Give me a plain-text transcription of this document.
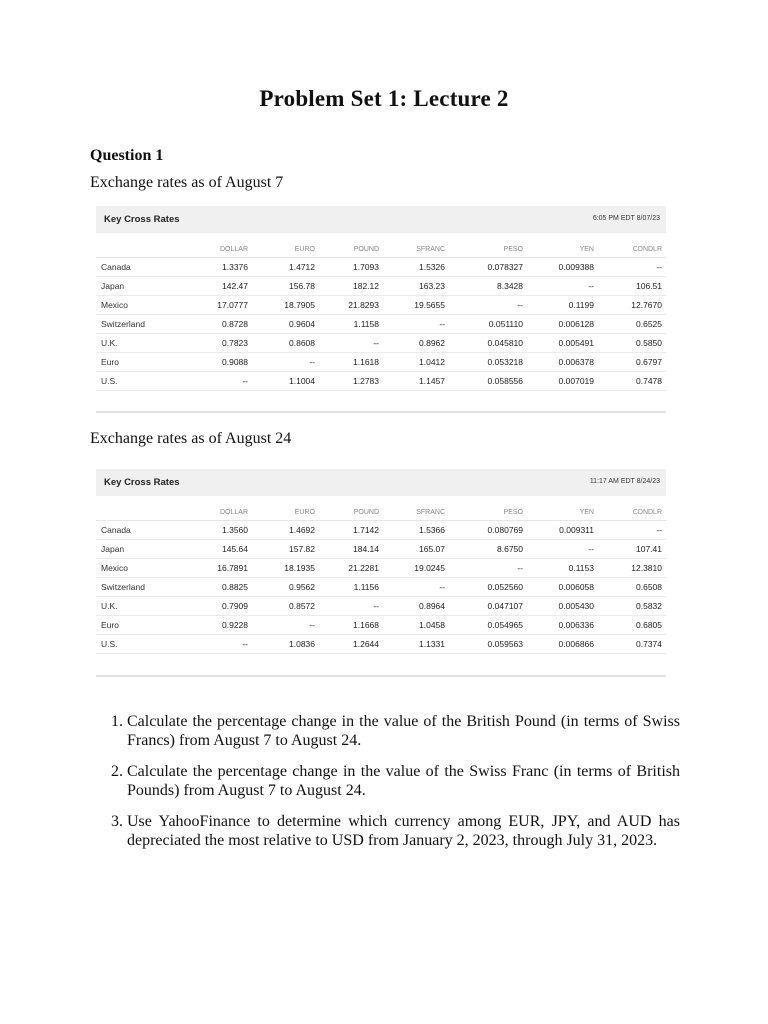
Problem Set 1: Lecture 2
Question 1

Exchange rates as of August 7

Key Cross Rates	6:05 PM EDT 8/07/23
	DOLLAR	EURO	POUND	SFRANC	PESO	YEN	CDNDLR
Canada	1.3376	1.4712	1.7093	1.5326	0.078327	0.009388	--
Japan	142.47	156.78	182.12	163.23	8.3428	--	106.51
Mexico	17.0777	18.7905	21.8293	19.5655	--	0.1199	12.7670
Switzerland	0.8728	0.9604	1.1158	--	0.051110	0.006128	0.6525
U.K.	0.7823	0.8608	--	0.8962	0.045810	0.005491	0.5850
Euro	0.9088	--	1.1618	1.0412	0.053218	0.006378	0.6797
U.S.	--	1.1004	1.2783	1.1457	0.058556	0.007019	0.7478

Exchange rates as of August 24

Key Cross Rates	11:17 AM EDT 8/24/23
	DOLLAR	EURO	POUND	SFRANC	PESO	YEN	CDNDLR
Canada	1.3560	1.4692	1.7142	1.5366	0.080769	0.009311	--
Japan	145.64	157.82	184.14	165.07	8.6750	--	107.41
Mexico	16.7891	18.1935	21.2281	19.0245	--	0.1153	12.3810
Switzerland	0.8825	0.9562	1.1156	--	0.052560	0.006058	0.6508
U.K.	0.7909	0.8572	--	0.8964	0.047107	0.005430	0.5832
Euro	0.9228	--	1.1668	1.0458	0.054965	0.006336	0.6805
U.S.	--	1.0836	1.2644	1.1331	0.059563	0.006866	0.7374
1. Calculate the percentage change in the value of the British Pound (in terms of Swiss Francs) from August 7 to August 24.
2. Calculate the percentage change in the value of the Swiss Franc (in terms of British Pounds) from August 7 to August 24.
3. Use YahooFinance to determine which currency among EUR, JPY, and AUD has depreciated the most relative to USD from January 2, 2023, through July 31, 2023.
